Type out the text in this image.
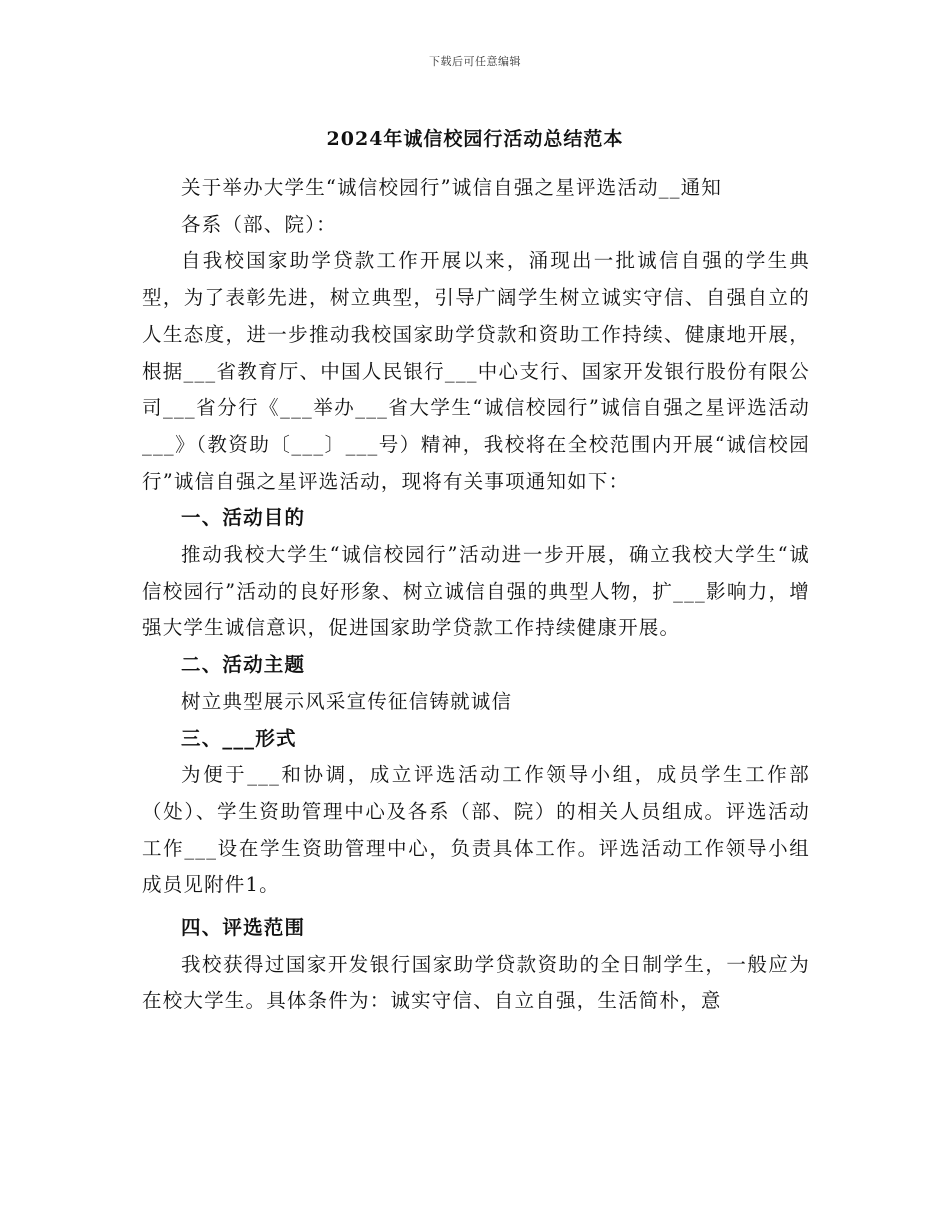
下载后可任意编辑
2024年诚信校园行活动总结范本

关于举办大学生“诚信校园行”诚信自强之星评选活动__通知

各系（部、院）：

自我校国家助学贷款工作开展以来，涌现出一批诚信自强的学生典型，为了表彰先进，树立典型，引导广阔学生树立诚实守信、自强自立的人生态度，进一步推动我校国家助学贷款和资助工作持续、健康地开展，根据___省教育厅、中国人民银行___中心支行、国家开发银行股份有限公司___省分行《___举办___省大学生“诚信校园行”诚信自强之星评选活动___》（教资助〔___〕___号）精神，我校将在全校范围内开展“诚信校园行”诚信自强之星评选活动，现将有关事项通知如下：

一、活动目的

推动我校大学生“诚信校园行”活动进一步开展，确立我校大学生“诚信校园行”活动的良好形象、树立诚信自强的典型人物，扩___影响力，增强大学生诚信意识，促进国家助学贷款工作持续健康开展。

二、活动主题

树立典型展示风采宣传征信铸就诚信

三、___形式

为便于___和协调，成立评选活动工作领导小组，成员学生工作部（处）、学生资助管理中心及各系（部、院）的相关人员组成。评选活动工作___设在学生资助管理中心，负责具体工作。评选活动工作领导小组成员见附件1。

四、评选范围

我校获得过国家开发银行国家助学贷款资助的全日制学生，一般应为在校大学生。具体条件为：诚实守信、自立自强，生活简朴，意
